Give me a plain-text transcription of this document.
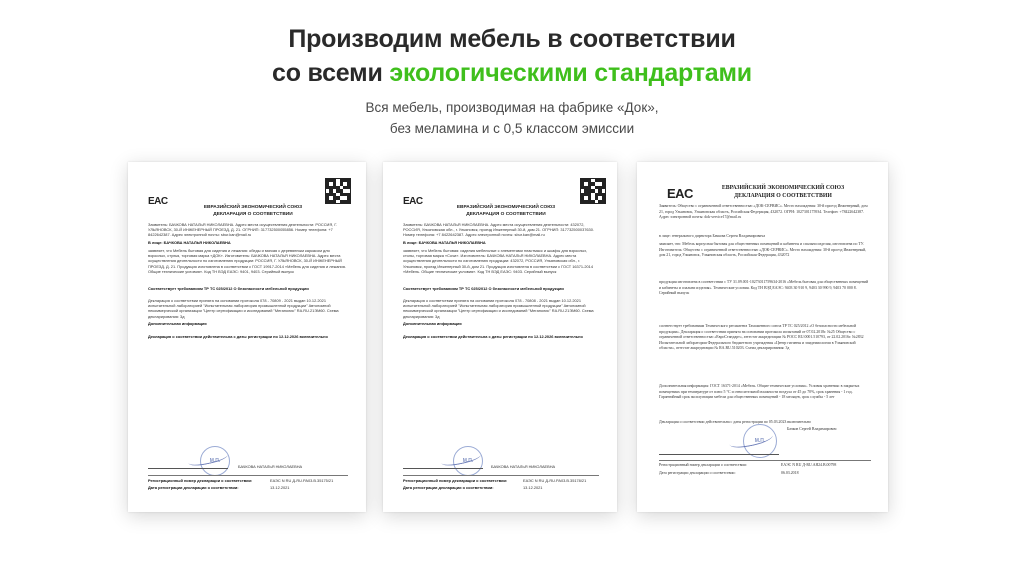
Производим мебель в соответствии
со всеми экологическими стандартами
Вся мебель, производимая на фабрике «Док»,
без меламина и с 0,5 классом эмиссии
EAC
ЕВРАЗИЙСКИЙ ЭКОНОМИЧЕСКИЙ СОЮЗ
ДЕКЛАРАЦИЯ О СООТВЕТСТВИИ
Заявитель: БАЧКОВА НАТАЛЬЯ НИКОЛАЕВНА. Адрес места осуществления деятельности: РОССИЯ, Г. УЛЬЯНОВСК, 30-Й ИНЖЕНЕРНЫЙ ПРОЕЗД, Д. 21. ОГРНИП: 317732500055856. Номер телефона: +7 8422642387. Адрес электронной почты: sbur.kan@mail.ru
В лице: БАЧКОВА НАТАЛЬЯ НИКОЛАЕВНА
заявляет, что Мебель бытовая для сидения и лежания: обеды и мягкая с деревянным каркасом для взрослых, стулья, торговая марка «ДОК». Изготовитель: БАЧКОВА НАТАЛЬЯ НИКОЛАЕВНА. Адрес места осуществления деятельности по изготовлению продукции: РОССИЯ, Г. УЛЬЯНОВСК, 30-Й ИНЖЕНЕРНЫЙ ПРОЕЗД, Д. 21. Продукция изготовлена в соответствии с ГОСТ 19917-2014 «Мебель для сидения и лежания. Общие технические условия». Код ТН ВЭД ЕАЭС: 9401, 9403. Серийный выпуск
Соответствует требованиям ТР ТС 025/2012 О безопасности мебельной продукции
Декларация о соответствии принята на основании протокола 078 - 70809 - 2021 выдан 10.12.2021 испытательной лабораторией "Испытательная лаборатория промышленной продукции" Автономной некоммерческой организации "Центр сертификации и исследований "Мегаполис" RA.RU.21ЭМ60. Схема декларирования: 3д
Дополнительная информация
Декларация о соответствии действительна с даты регистрации по 12.12.2026 включительно
М.П.
БАЧКОВА НАТАЛЬЯ НИКОЛАЕВНА
Регистрационный номер декларации о соответствии:	ЕАЭС N RU Д-RU.РА03.В.35175/21
Дата регистрации декларации о соответствии:	13.12.2021
EAC
ЕВРАЗИЙСКИЙ ЭКОНОМИЧЕСКИЙ СОЮЗ
ДЕКЛАРАЦИЯ О СООТВЕТСТВИИ
Заявитель: БАЧКОВА НАТАЛЬЯ НИКОЛАЕВНА. Адрес места осуществления деятельности: 432072, РОССИЯ, Ульяновская обл., г. Ульяновск, проезд Инженерный 30-й, дом 21. ОГРНИП: 317732500037630. Номер телефона: +7 8422642387. Адрес электронной почты: sbur.kan@mail.ru
В лице: БАЧКОВА НАТАЛЬЯ НИКОЛАЕВНА
заявляет, что Мебель бытовая: изделия мебельные с элементами пластмасс и шкафы для взрослых, столы, торговая марка «Сочи». Изготовитель: БАЧКОВА НАТАЛЬЯ НИКОЛАЕВНА. Адрес места осуществления деятельности по изготовлению продукции: 432072, РОССИЯ, Ульяновская обл., г. Ульяновск, проезд Инженерный 30-й, дом 21. Продукция изготовлена в соответствии с ГОСТ 16371-2014 «Мебель. Общие технические условия». Код ТН ВЭД ЕАЭС: 9403. Серийный выпуск
Соответствует требованиям ТР ТС 025/2012 О безопасности мебельной продукции
Декларация о соответствии принята на основании протокола 078 - 70808 - 2021 выдан 10.12.2021 испытательной лабораторией "Испытательная лаборатория промышленной продукции" Автономной некоммерческой организации "Центр сертификации и исследований "Мегаполис" RA.RU.21ЭМ60. Схема декларирования: 3д
Дополнительная информация
Декларация о соответствии действительна с даты регистрации по 12.12.2026 включительно
М.П.
БАЧКОВА НАТАЛЬЯ НИКОЛАЕВНА
Регистрационный номер декларации о соответствии:	ЕАЭС N RU Д-RU.РА03.В.35178/21
Дата регистрации декларации о соответствии:	13.12.2021
EAC	ЕВРАЗИЙСКИЙ ЭКОНОМИЧЕСКИЙ СОЮЗ
ДЕКЛАРАЦИЯ О СООТВЕТСТВИИ
Заявитель: Общество с ограниченной ответственностью «ДОК-СЕРВИС». Место нахождения: 30-й проезд Инженерный, дом 21, город Ульяновск, Ульяновская область, Российская Федерация, 432072. ОГРН: 1027301175934. Телефон: +78422642387. Адрес электронной почты: dok-service17@mail.ru
в лице: генерального директора Бачкова Сергея Владимировича
заявляет, что: Мебель корпусная бытовая для общественных помещений и кабинеты и спальни изделия, изготовлена по ТУ. Изготовитель: Общество с ограниченной ответственностью «ДОК-СЕРВИС». Место нахождения: 30-й проезд Инженерный, дом 21, город Ульяновск, Ульяновская область, Российская Федерация, 432072
продукция изготовлена в соответствии с ТУ 31.09.001-10273011759634-2016 «Мебель бытовая для общественных помещений и кабинеты и спальни изделия». Технические условия. Код ТН ВЭД ЕАЭС: 9403 30 910 9, 9403 30 990 9, 9403 70 000 8. Серийный выпуск
соответствует требованиям Технического регламента Таможенного союза ТР ТС 025/2012 «О безопасности мебельной продукции». Декларация о соответствии принята на основании протокола испытаний от 07.02.2018г. №25 Общество с ограниченной ответственностью «ЕвроСтандарт», аттестат аккредитации № РОСС RU.0001.510793, от 22.02.2016г. №2832 Испытательной лаборатории Федерального бюджетного учреждения «Центр гигиены и эпидемиологии в Ульяновской области», аттестат аккредитации № RA.RU.510203. Схема декларирования: 3д
Дополнительная информация: ГОСТ 16371-2014 «Мебель. Общие технические условия». Условия хранения: в закрытых помещениях при температуре от плюс 5 °С и относительной влажности воздуха от 45 до 70%, срок хранения - 1 год. Гарантийный срок эксплуатации мебели для общественных помещений - 18 месяцев, срок службы - 5 лет
Декларация о соответствии действительна с даты регистрации по 05.03.2023 включительно
М.П.
Бачков Сергей Владимирович
Регистрационный номер декларации о соответствии:	ЕАЭС N RU Д-RU.АЯ24.В.00798
Дата регистрации декларации о соответствии:	06.03.2018
